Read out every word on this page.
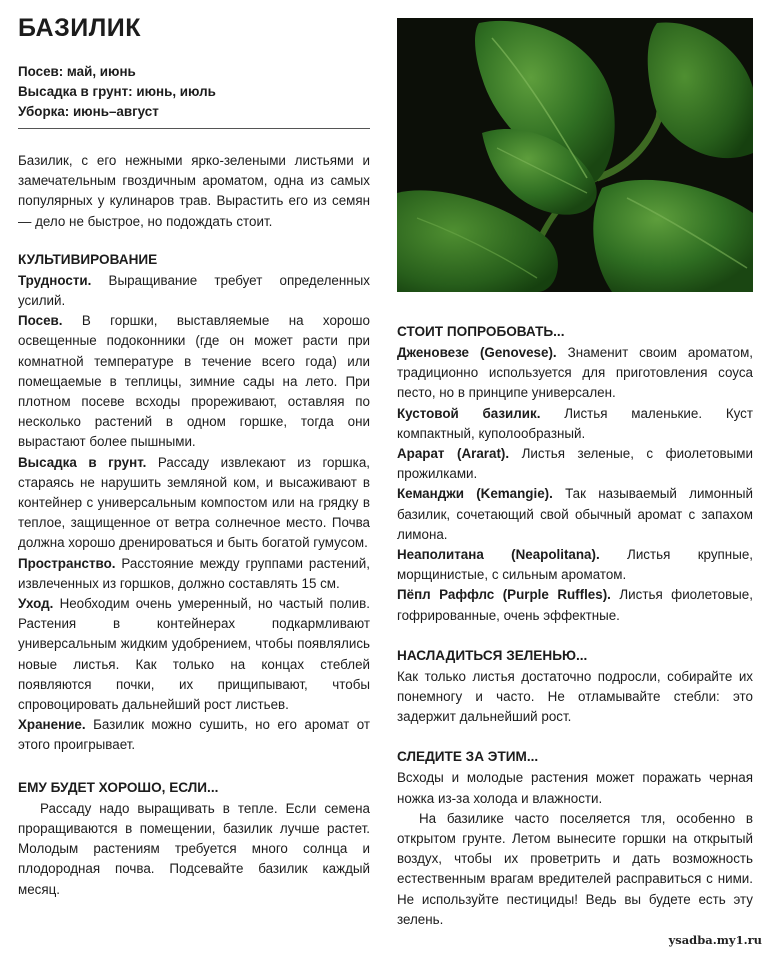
БАЗИЛИК
Посев: май, июнь
Высадка в грунт: июнь, июль
Уборка: июнь–август

Базилик, с его нежными ярко-зелеными листьями и замечательным гвоздичным ароматом, одна из самых популярных у кулинаров трав. Вырастить его из семян — дело не быстрое, но подождать стоит.

КУЛЬТИВИРОВАНИЕ

Трудности. Выращивание требует определенных усилий.

Посев. В горшки, выставляемые на хорошо освещенные подоконники (где он может расти при комнатной температуре в течение всего года) или помещаемые в теплицы, зимние сады на лето. При плотном посеве всходы прореживают, оставляя по несколько растений в одном горшке, тогда они вырастают более пышными.

Высадка в грунт. Рассаду извлекают из горшка, стараясь не нарушить земляной ком, и высаживают в контейнер с универсальным компостом или на грядку в теплое, защищенное от ветра солнечное место. Почва должна хорошо дренироваться и быть богатой гумусом.

Пространство. Расстояние между группами растений, извлеченных из горшков, должно составлять 15 см.

Уход. Необходим очень умеренный, но частый полив. Растения в контейнерах подкармливают универсальным жидким удобрением, чтобы появлялись новые листья. Как только на концах стеблей появляются почки, их прищипывают, чтобы спровоцировать дальнейший рост листьев.

Хранение. Базилик можно сушить, но его аромат от этого проигрывает.

ЕМУ БУДЕТ ХОРОШО, ЕСЛИ...

Рассаду надо выращивать в тепле. Если семена проращиваются в помещении, базилик лучше растет. Молодым растениям требуется много солнца и плодородная почва. Подсевайте базилик каждый месяц.

СТОИТ ПОПРОБОВАТЬ...

Дженовезе (Genovese). Знаменит своим ароматом, традиционно используется для приготовления соуса песто, но в принципе универсален.

Кустовой базилик. Листья маленькие. Куст компактный, куполообразный.

Арарат (Ararat). Листья зеленые, с фиолетовыми прожилками.

Кеманджи (Kemangie). Так называемый лимонный базилик, сочетающий свой обычный аромат с запахом лимона.

Неаполитана (Neapolitana). Листья крупные, морщинистые, с сильным ароматом.

Пёпл Раффлс (Purple Ruffles). Листья фиолетовые, гофрированные, очень эффектные.

НАСЛАДИТЬСЯ ЗЕЛЕНЬЮ...

Как только листья достаточно подросли, собирайте их понемногу и часто. Не отламывайте стебли: это задержит дальнейший рост.

СЛЕДИТЕ ЗА ЭТИМ...

Всходы и молодые растения может поражать черная ножка из-за холода и влажности.

На базилике часто поселяется тля, особенно в открытом грунте. Летом вынесите горшки на открытый воздух, чтобы их проветрить и дать возможность естественным врагам вредителей расправиться с ними. Не используйте пестициды! Ведь вы будете есть эту зелень.

ysadba.my1.ru
